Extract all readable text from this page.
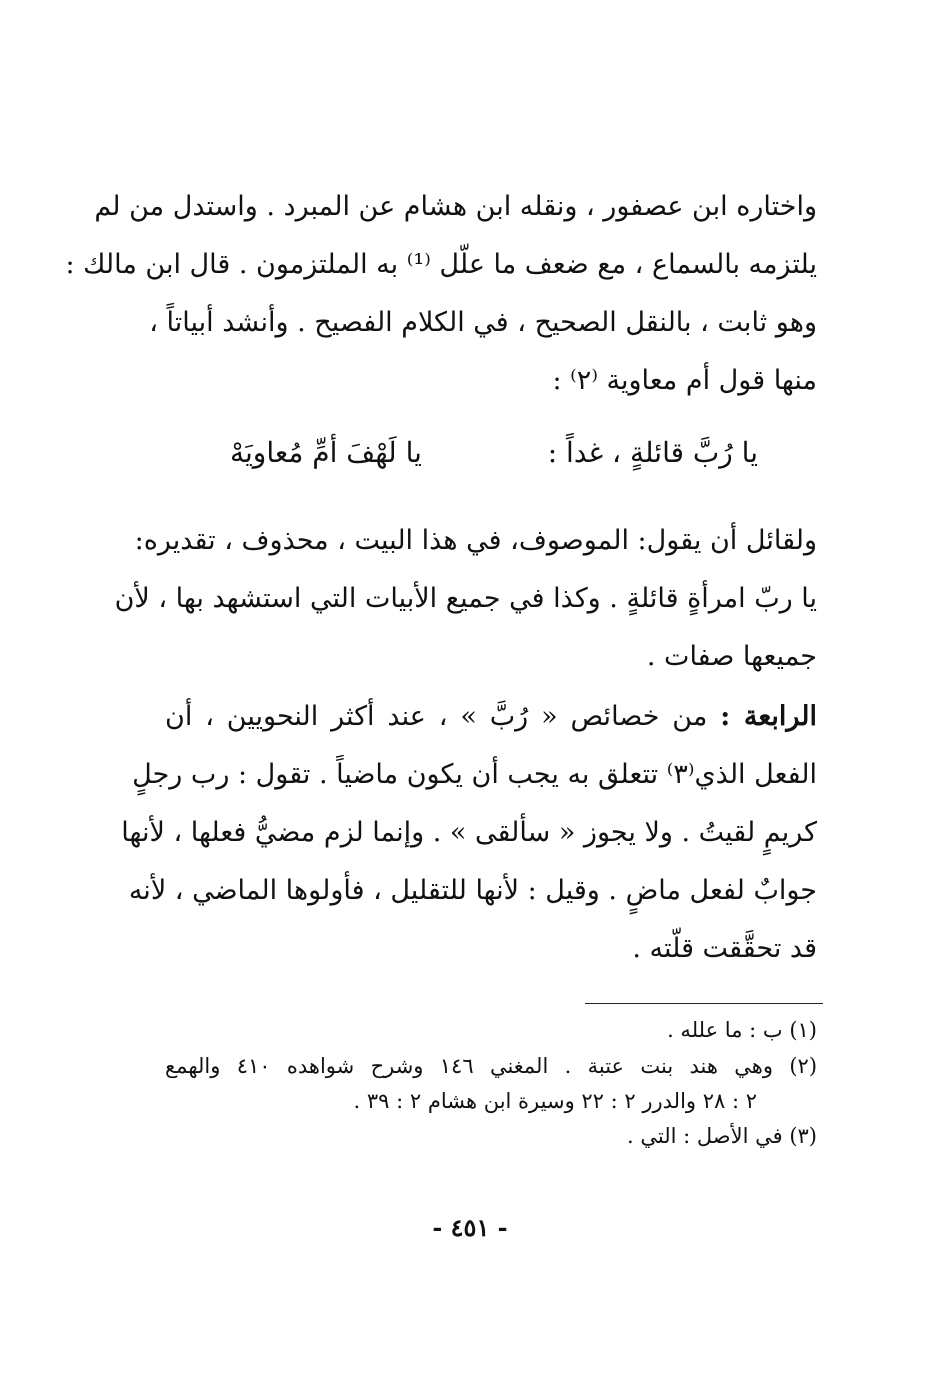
واختاره ابن عصفور ، ونقله ابن هشام عن المبرد . واستدل من لم
يلتزمه بالسماع ، مع ضعف ما علّل ⁽¹⁾ به الملتزمون . قال ابن مالك :
وهو ثابت ، بالنقل الصحيح ، في الكلام الفصيح . وأنشد أبياتاً ،
منها قول أم معاوية ⁽٢⁾ :
يا رُبَّ قائلةٍ ، غداً :
يا لَهْفَ أمِّ مُعاويَهْ
ولقائل أن يقول: الموصوف، في هذا البيت ، محذوف ، تقديره:
يا ربّ امرأةٍ قائلةٍ . وكذا في جميع الأبيات التي استشهد بها ، لأن
جميعها صفات .
الرابعة : من خصائص « رُبَّ » ، عند أكثر النحويين ، أن
الفعل الذي⁽٣⁾ تتعلق به يجب أن يكون ماضياً . تقول : رب رجلٍ
كريمٍ لقيتُ . ولا يجوز « سألقى » . وإنما لزم مضيُّ فعلها ، لأنها
جوابٌ لفعل ماضٍ . وقيل : لأنها للتقليل ، فأولوها الماضي ، لأنه
قد تحقَّقت قلّته .
(١) ب : ما علله .
(٢) وهي هند بنت عتبة . المغني ١٤٦ وشرح شواهده ٤١٠ والهمع
٢ : ٢٨ والدرر ٢ : ٢٢ وسيرة ابن هشام ٢ : ٣٩ .
(٣) في الأصل : التي .
- ٤٥١ -
